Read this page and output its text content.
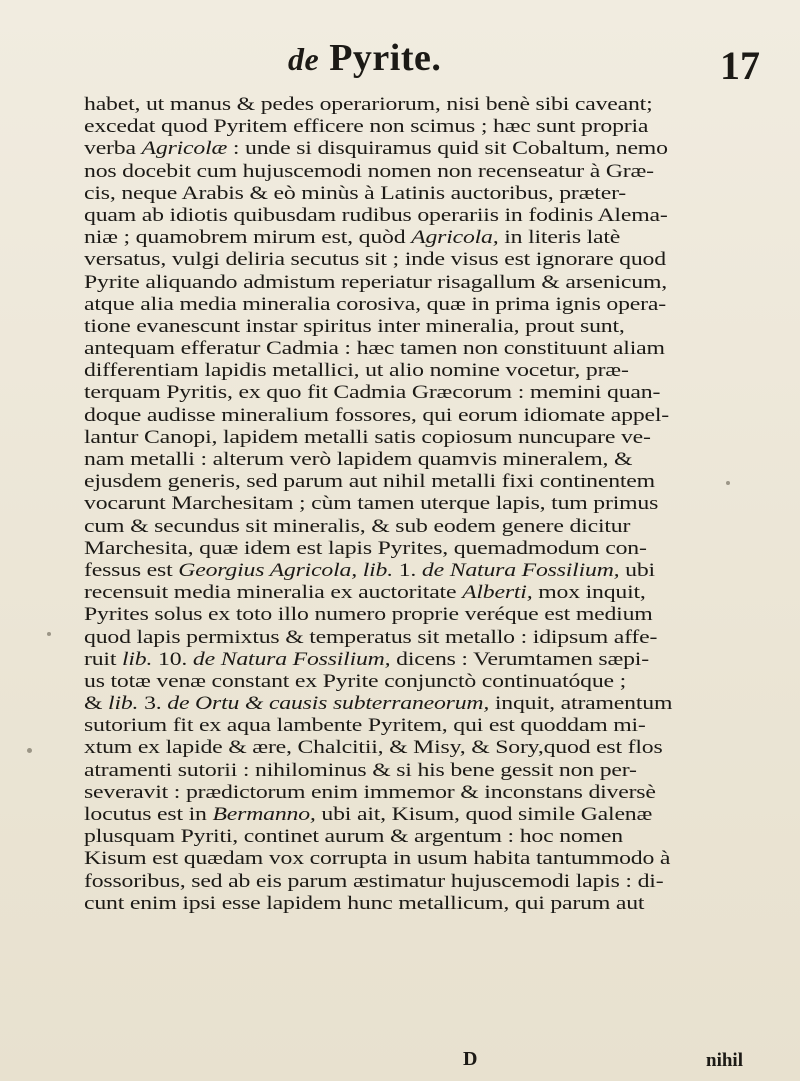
de Pyrite.	17
habet, ut manus & pedes operariorum, nisi benè sibi caveant;
excedat quod Pyritem efficere non scimus ; hæc sunt propria
verba Agricolæ : unde si disquiramus quid sit Cobaltum, nemo
nos docebit cum hujuscemodi nomen non recenseatur à Græ-
cis, neque Arabis & eò minùs à Latinis auctoribus, præter-
quam ab idiotis quibusdam rudibus operariis in fodinis Alema-
niæ ; quamobrem mirum est, quòd Agricola, in literis latè
versatus, vulgi deliria secutus sit ; inde visus est ignorare quod
Pyrite aliquando admistum reperiatur risagallum & arsenicum,
atque alia media mineralia corosiva, quæ in prima ignis opera-
tione evanescunt instar spiritus inter mineralia, prout sunt,
antequam efferatur Cadmia : hæc tamen non constituunt aliam
differentiam lapidis metallici, ut alio nomine vocetur, præ-
terquam Pyritis, ex quo fit Cadmia Græcorum : memini quan-
doque audisse mineralium fossores, qui eorum idiomate appel-
lantur Canopi, lapidem metalli satis copiosum nuncupare ve-
nam metalli : alterum verò lapidem quamvis mineralem, &
ejusdem generis, sed parum aut nihil metalli fixi continentem
vocarunt Marchesitam ; cùm tamen uterque lapis, tum primus
cum & secundus sit mineralis, & sub eodem genere dicitur
Marchesita, quæ idem est lapis Pyrites, quemadmodum con-
fessus est Georgius Agricola, lib. 1. de Natura Fossilium, ubi
recensuit media mineralia ex auctoritate Alberti, mox inquit,
Pyrites solus ex toto illo numero proprie veréque est medium
quod lapis permixtus & temperatus sit metallo : idipsum affe-
ruit lib. 10. de Natura Fossilium, dicens : Verumtamen sæpi-
us totæ venæ constant ex Pyrite conjunctò continuatóque ;
& lib. 3. de Ortu & causis subterraneorum, inquit, atramentum
sutorium fit ex aqua lambente Pyritem, qui est quoddam mi-
xtum ex lapide & ære, Chalcitii, & Misy, & Sory,quod est flos
atramenti sutorii : nihilominus & si his bene gessit non per-
severavit : prædictorum enim immemor & inconstans diversè
locutus est in Bermanno, ubi ait, Kisum, quod simile Galenæ
plusquam Pyriti, continet aurum & argentum : hoc nomen
Kisum est quædam vox corrupta in usum habita tantummodo à
fossoribus, sed ab eis parum æstimatur hujuscemodi lapis : di-
cunt enim ipsi esse lapidem hunc metallicum, qui parum aut
D	nihil
